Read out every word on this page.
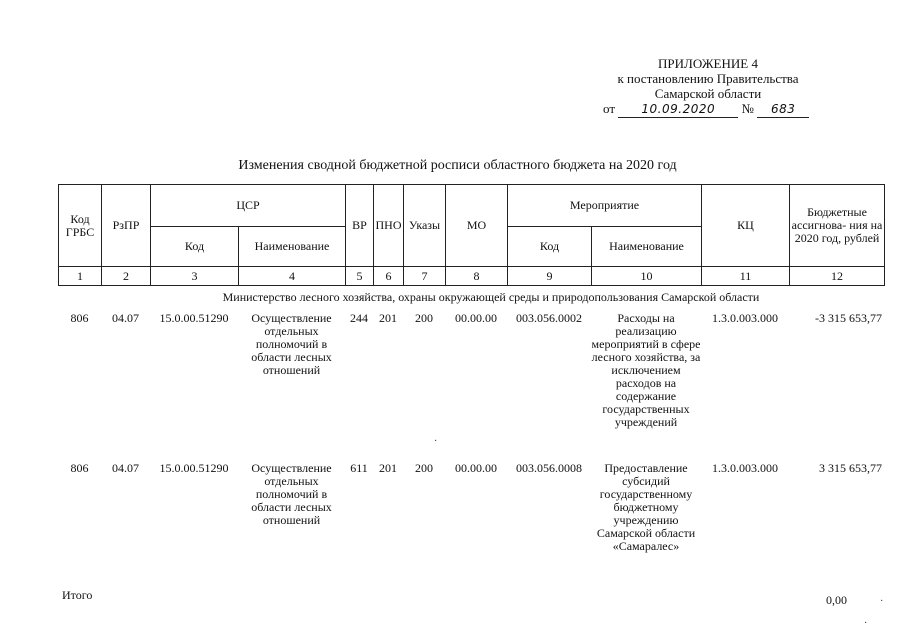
ПРИЛОЖЕНИЕ 4
к постановлению Правительства
Самарской области
от 10.09.2020 № 683
Изменения сводной бюджетной росписи областного бюджета на 2020 год
Код ГРБС	РзПР	ЦСР		ВР	ПНО	Указы	МО	Мероприятие		КЦ	Бюджетные ассигнова- ния на 2020 год, рублей
		Код	Наименование					Код	Наименование		
1	2	3	4	5	6	7	8	9	10	11	12
Министерство лесного хозяйства, охраны окружающей среды и природопользования Самарской области
806	04.07	15.0.00.51290	Осуществление отдельных полномочий в области лесных отношений	244	201	200	00.00.00	003.056.0002	Расходы на реализацию мероприятий в сфере лесного хозяйства, за исключением расходов на содержание государственных учреждений	1.3.0.003.000	-3 315 653,77
806	04.07	15.0.00.51290	Осуществление отдельных полномочий в области лесных отношений	611	201	200	00.00.00	003.056.0008	Предоставление субсидий государственному бюджетному учреждению Самарской области «Самаралес»	1.3.0.003.000	3 315 653,77
Итого	0,00	·
·
·
